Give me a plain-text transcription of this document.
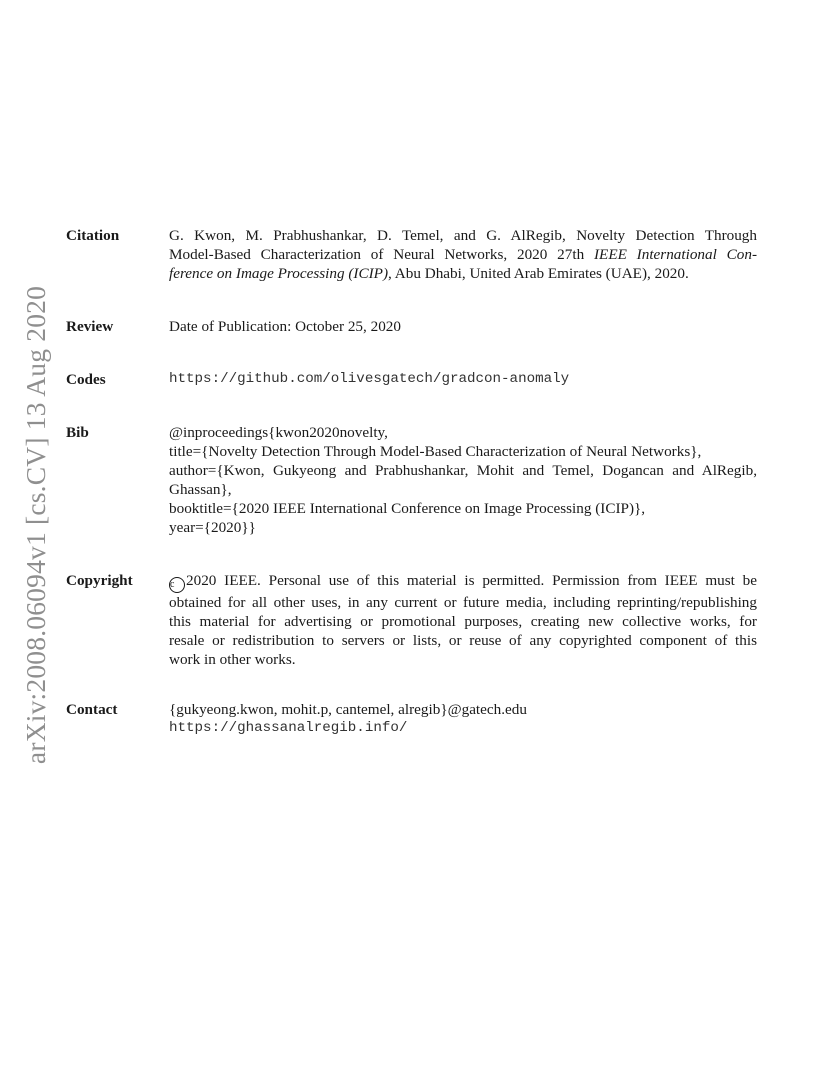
arXiv:2008.06094v1 [cs.CV] 13 Aug 2020
Citation	G. Kwon, M. Prabhushankar, D. Temel, and G. AlRegib, Novelty Detection Through
Model-Based Characterization of Neural Networks, 2020 27th IEEE International Con-
ference on Image Processing (ICIP), Abu Dhabi, United Arab Emirates (UAE), 2020.
Review	Date of Publication: October 25, 2020
Codes	https://github.com/olivesgatech/gradcon-anomaly
Bib	@inproceedings{kwon2020novelty,
title={Novelty Detection Through Model-Based Characterization of Neural Networks},
author={Kwon, Gukyeong and Prabhushankar, Mohit and Temel, Dogancan and AlRegib,
Ghassan},
booktitle={2020 IEEE International Conference on Image Processing (ICIP)},
year={2020}}
Copyright	c 2020 IEEE. Personal use of this material is permitted. Permission from IEEE must be
obtained for all other uses, in any current or future media, including reprinting/republishing
this material for advertising or promotional purposes, creating new collective works, for
resale or redistribution to servers or lists, or reuse of any copyrighted component of this
work in other works.
Contact	{gukyeong.kwon, mohit.p, cantemel, alregib}@gatech.edu
https://ghassanalregib.info/
